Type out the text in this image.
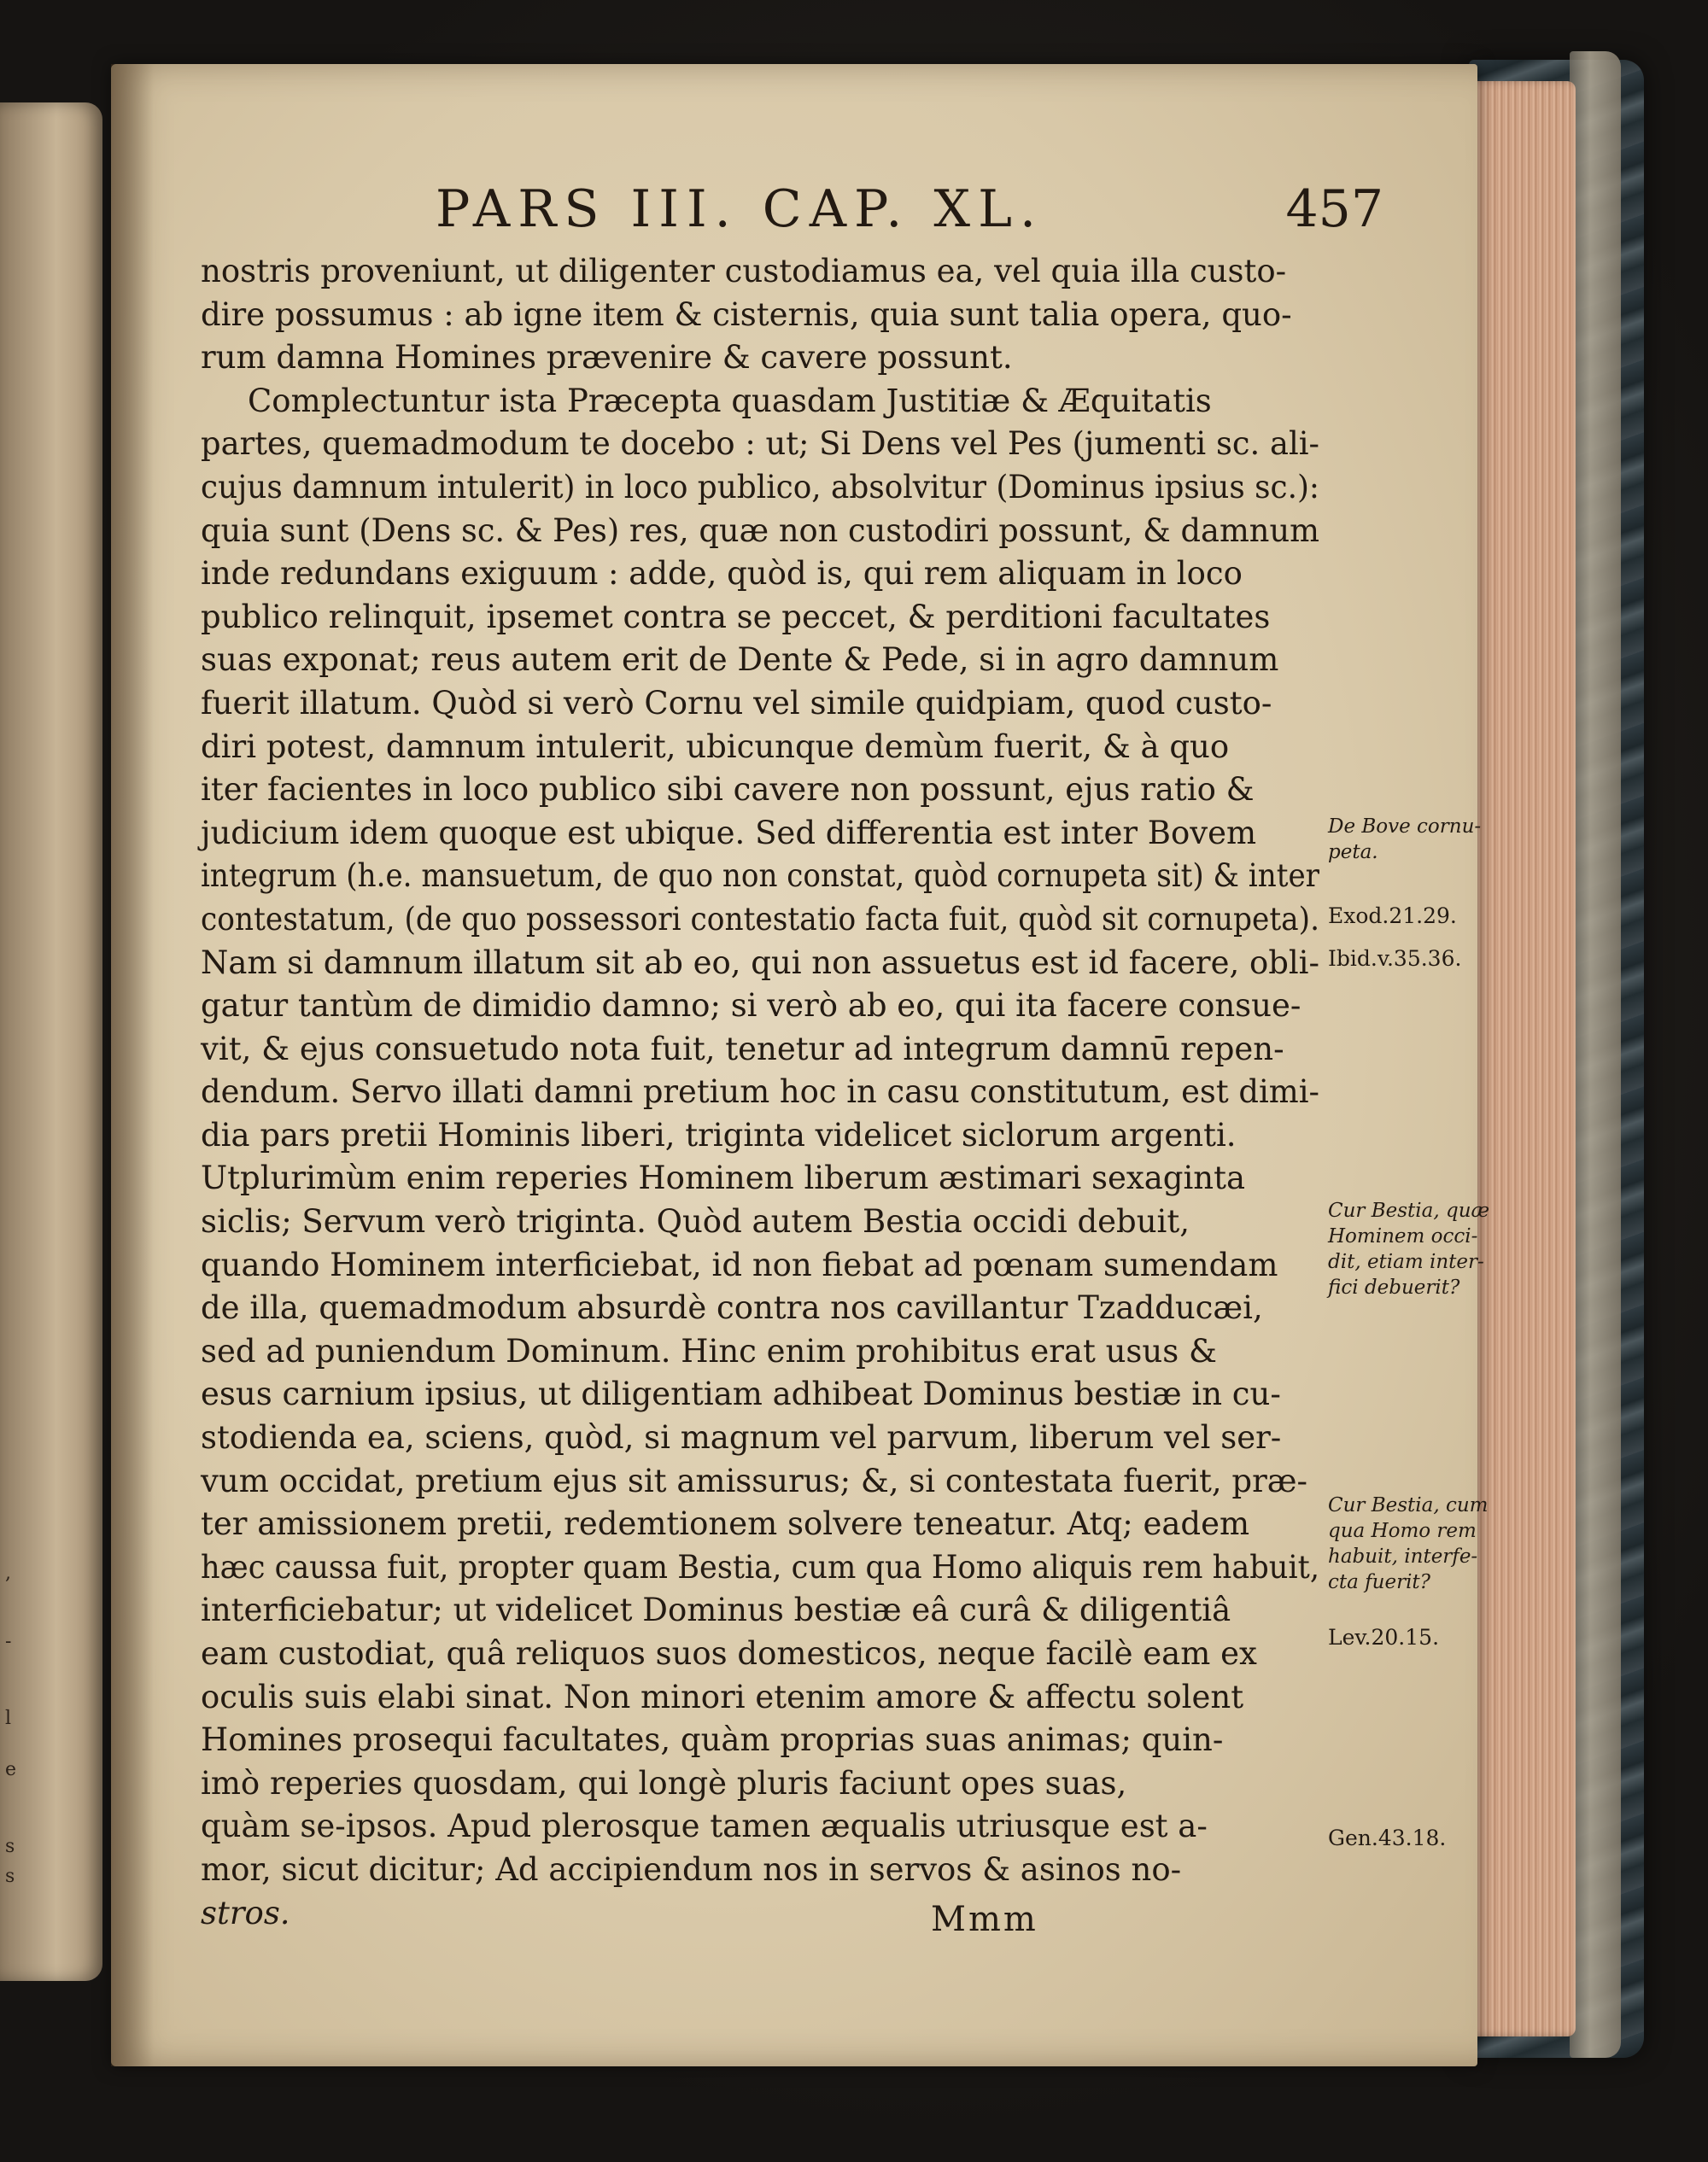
,
-
l
e
s
s
PARS III. CAP. XL.	457
nostris proveniunt, ut diligenter custodiamus ea, vel quia illa custo-
dire possumus : ab igne item & cisternis, quia sunt talia opera, quo-
rum damna Homines prævenire & cavere possunt.
Complectuntur ista Præcepta quasdam Justitiæ & Æquitatis
partes, quemadmodum te docebo : ut; Si Dens vel Pes (jumenti sc. ali-
cujus damnum intulerit) in loco publico, absolvitur (Dominus ipsius sc.):
quia sunt (Dens sc. & Pes) res, quæ non custodiri possunt, & damnum
inde redundans exiguum : adde, quòd is, qui rem aliquam in loco
publico relinquit, ipsemet contra se peccet, & perditioni facultates
suas exponat; reus autem erit de Dente & Pede, si in agro damnum
fuerit illatum. Quòd si verò Cornu vel simile quidpiam, quod custo-
diri potest, damnum intulerit, ubicunque demùm fuerit, & à quo
iter facientes in loco publico sibi cavere non possunt, ejus ratio &
judicium idem quoque est ubique. Sed differentia est inter Bovem
integrum (h.e. mansuetum, de quo non constat, quòd cornupeta sit) & inter
contestatum, (de quo possessori contestatio facta fuit, quòd sit cornupeta).
Nam si damnum illatum sit ab eo, qui non assuetus est id facere, obli-
gatur tantùm de dimidio damno; si verò ab eo, qui ita facere consue-
vit, & ejus consuetudo nota fuit, tenetur ad integrum damnū repen-
dendum. Servo illati damni pretium hoc in casu constitutum, est dimi-
dia pars pretii Hominis liberi, triginta videlicet siclorum argenti.
Utplurimùm enim reperies Hominem liberum æstimari sexaginta
siclis; Servum verò triginta. Quòd autem Bestia occidi debuit,
quando Hominem interficiebat, id non fiebat ad pœnam sumendam
de illa, quemadmodum absurdè contra nos cavillantur Tzadducæi,
sed ad puniendum Dominum. Hinc enim prohibitus erat usus &
esus carnium ipsius, ut diligentiam adhibeat Dominus bestiæ in cu-
stodienda ea, sciens, quòd, si magnum vel parvum, liberum vel ser-
vum occidat, pretium ejus sit amissurus; &, si contestata fuerit, præ-
ter amissionem pretii, redemtionem solvere teneatur. Atq; eadem
hæc caussa fuit, propter quam Bestia, cum qua Homo aliquis rem habuit,
interficiebatur; ut videlicet Dominus bestiæ eâ curâ & diligentiâ
eam custodiat, quâ reliquos suos domesticos, neque facilè eam ex
oculis suis elabi sinat. Non minori etenim amore & affectu solent
Homines prosequi facultates, quàm proprias suas animas; quin-
imò reperies quosdam, qui longè pluris faciunt opes suas,
quàm se-ipsos. Apud plerosque tamen æqualis utriusque est a-
mor, sicut dicitur; Ad accipiendum nos in servos & asinos no-
stros.
De Bove cornu-
peta.
Exod.21.29.
Ibid.v.35.36.
Cur Bestia, quæ
Hominem occi-
dit, etiam inter-
fici debuerit?
Cur Bestia, cum
qua Homo rem
habuit, interfe-
cta fuerit?
Lev.20.15.
Gen.43.18.
Mmm
